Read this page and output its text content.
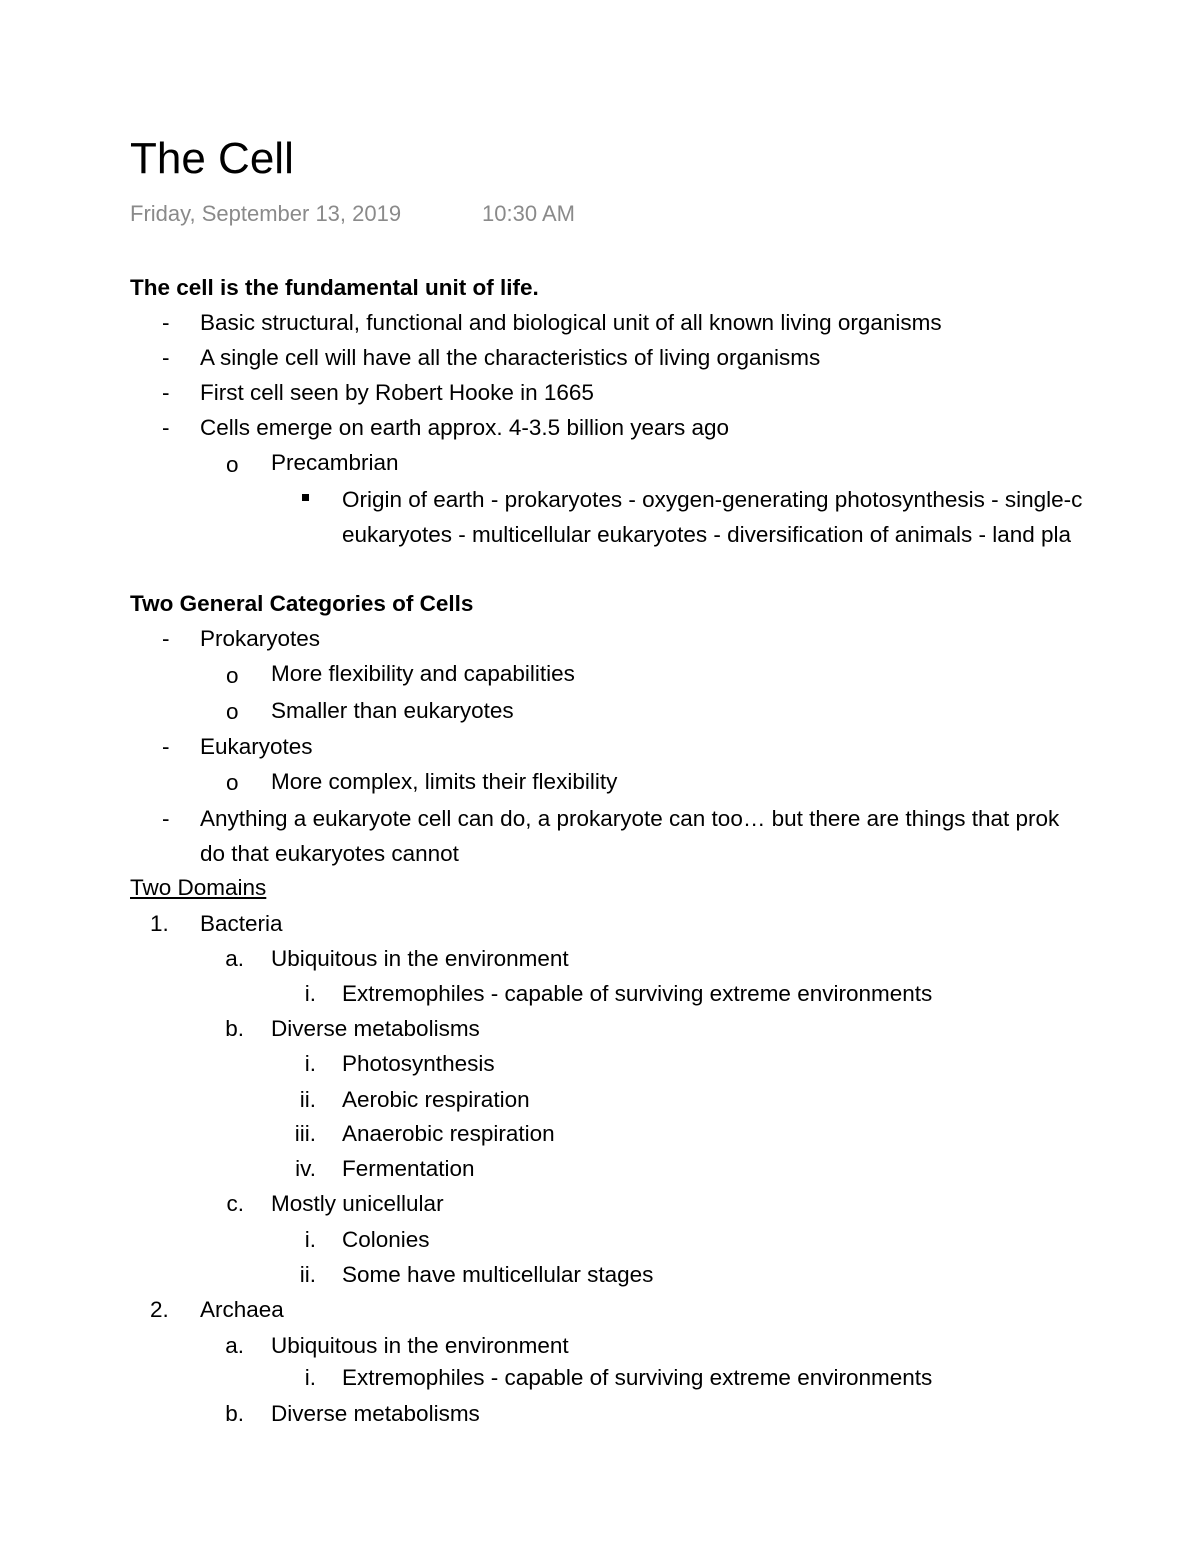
The Cell
Friday, September 13, 2019	10:30 AM
The cell is the fundamental unit of life.
- Basic structural, functional and biological unit of all known living organisms
- A single cell will have all the characteristics of living organisms
- First cell seen by Robert Hooke in 1665
- Cells emerge on earth approx. 4-3.5 billion years ago
o Precambrian
Origin of earth - prokaryotes - oxygen-generating photosynthesis - single-c
eukaryotes - multicellular eukaryotes - diversification of animals - land pla
Two General Categories of Cells
- Prokaryotes
o More flexibility and capabilities
o Smaller than eukaryotes
- Eukaryotes
o More complex, limits their flexibility
- Anything a eukaryote cell can do, a prokaryote can too… but there are things that prok
do that eukaryotes cannot
Two Domains
1. Bacteria
a. Ubiquitous in the environment
i. Extremophiles - capable of surviving extreme environments
b. Diverse metabolisms
i. Photosynthesis
ii. Aerobic respiration
iii. Anaerobic respiration
iv. Fermentation
c. Mostly unicellular
i. Colonies
ii. Some have multicellular stages
2. Archaea
a. Ubiquitous in the environment
i. Extremophiles - capable of surviving extreme environments
b. Diverse metabolisms
